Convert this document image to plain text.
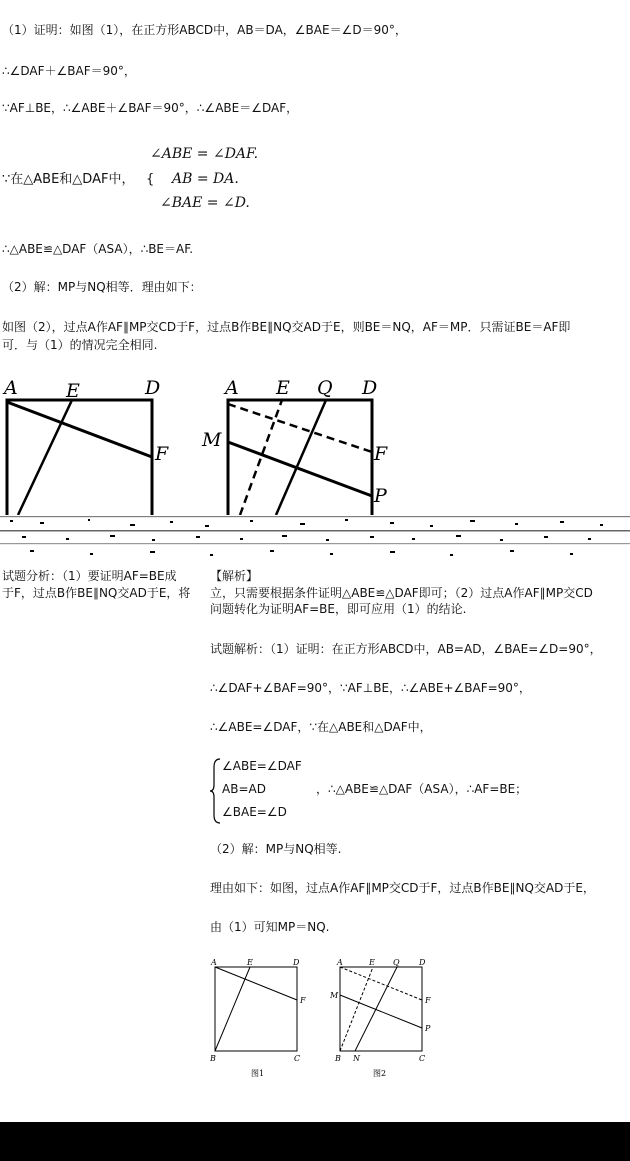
（1）证明：如图（1），在正方形ABCD中，AB＝DA，∠BAE＝∠D＝90°，
∴∠DAF＋∠BAF＝90°，
∵AF⊥BE，∴∠ABE＋∠BAF＝90°，∴∠ABE＝∠DAF，
∠ABE = ∠DAF.
∵在△ABE和△DAF中， { AB = DA.
∠BAE = ∠D.
∴△ABE≌△DAF（ASA），∴BE＝AF.
（2）解：MP与NQ相等．理由如下：
如图（2），过点A作AF∥MP交CD于F，过点B作BE∥NQ交AD于E，则BE＝NQ，AF＝MP．只需证BE＝AF即
可．与（1）的情况完全相同.
A	E	D
F
A E Q D
M
F
P
试题分析：（1）要证明AF=BE成
于F，过点B作BE∥NQ交AD于E，将
【解析】
立，只需要根据条件证明△ABE≌△DAF即可；（2）过点A作AF∥MP交CD
问题转化为证明AF=BE，即可应用（1）的结论.
试题解析：（1）证明：在正方形ABCD中，AB=AD，∠BAE=∠D=90°，
∴∠DAF+∠BAF=90°，∵AF⊥BE，∴∠ABE+∠BAF=90°，
∴∠ABE=∠DAF，∵在△ABE和△DAF中，
∠ABE=∠DAF
AB=AD
∠BAE=∠D
，∴△ABE≌△DAF（ASA），∴AF=BE；
（2）解：MP与NQ相等.
理由如下：如图，过点A作AF∥MP交CD于F，过点B作BE∥NQ交AD于E，
由（1）可知MP＝NQ.
A	E	D
F
B	C
图1
A	E Q D
M
F
P
B N	C
图2
